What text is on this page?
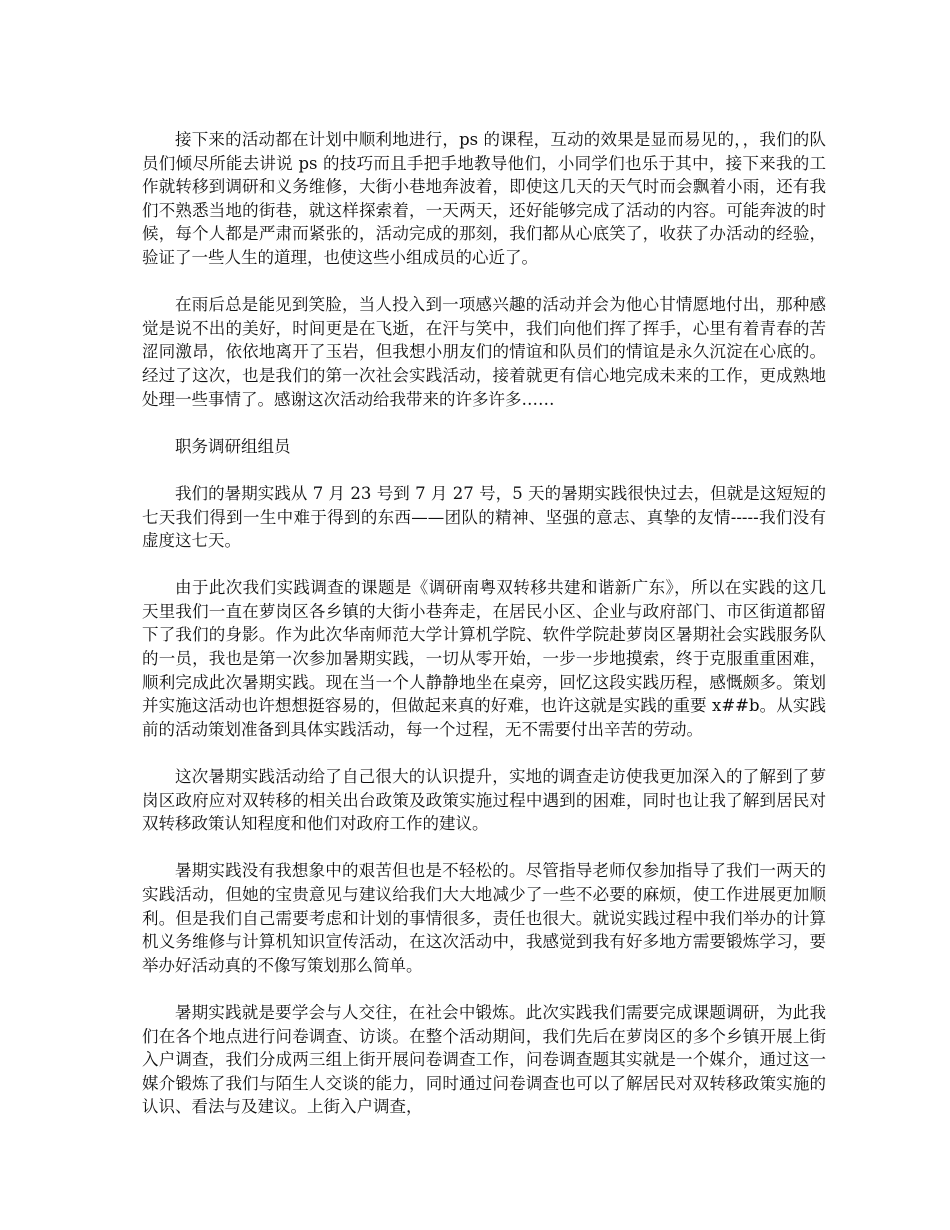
接下来的活动都在计划中顺利地进行，ps 的课程，互动的效果是显而易见的，，我们的队员们倾尽所能去讲说 ps 的技巧而且手把手地教导他们，小同学们也乐于其中，接下来我的工作就转移到调研和义务维修，大街小巷地奔波着，即使这几天的天气时而会飘着小雨，还有我们不熟悉当地的街巷，就这样探索着，一天两天，还好能够完成了活动的内容。可能奔波的时候，每个人都是严肃而紧张的，活动完成的那刻，我们都从心底笑了，收获了办活动的经验，验证了一些人生的道理，也使这些小组成员的心近了。

在雨后总是能见到笑脸，当人投入到一项感兴趣的活动并会为他心甘情愿地付出，那种感觉是说不出的美好，时间更是在飞逝，在汗与笑中，我们向他们挥了挥手，心里有着青春的苦涩同激昂，依依地离开了玉岩，但我想小朋友们的情谊和队员们的情谊是永久沉淀在心底的。经过了这次，也是我们的第一次社会实践活动，接着就更有信心地完成未来的工作，更成熟地处理一些事情了。感谢这次活动给我带来的许多许多……

职务调研组组员

我们的暑期实践从 7 月 23 号到 7 月 27 号，5 天的暑期实践很快过去，但就是这短短的七天我们得到一生中难于得到的东西——团队的精神、坚强的意志、真挚的友情-----我们没有虚度这七天。

由于此次我们实践调查的课题是《调研南粤双转移共建和谐新广东》，所以在实践的这几天里我们一直在萝岗区各乡镇的大街小巷奔走，在居民小区、企业与政府部门、市区街道都留下了我们的身影。作为此次华南师范大学计算机学院、软件学院赴萝岗区暑期社会实践服务队的一员，我也是第一次参加暑期实践，一切从零开始，一步一步地摸索，终于克服重重困难，顺利完成此次暑期实践。现在当一个人静静地坐在桌旁，回忆这段实践历程，感慨颇多。策划并实施这活动也许想想挺容易的，但做起来真的好难，也许这就是实践的重要 x##b。从实践前的活动策划准备到具体实践活动，每一个过程，无不需要付出辛苦的劳动。

这次暑期实践活动给了自己很大的认识提升，实地的调查走访使我更加深入的了解到了萝岗区政府应对双转移的相关出台政策及政策实施过程中遇到的困难，同时也让我了解到居民对双转移政策认知程度和他们对政府工作的建议。

暑期实践没有我想象中的艰苦但也是不轻松的。尽管指导老师仅参加指导了我们一两天的实践活动，但她的宝贵意见与建议给我们大大地减少了一些不必要的麻烦，使工作进展更加顺利。但是我们自己需要考虑和计划的事情很多，责任也很大。就说实践过程中我们举办的计算机义务维修与计算机知识宣传活动，在这次活动中，我感觉到我有好多地方需要锻炼学习，要举办好活动真的不像写策划那么简单。

暑期实践就是要学会与人交往，在社会中锻炼。此次实践我们需要完成课题调研，为此我们在各个地点进行问卷调查、访谈。在整个活动期间，我们先后在萝岗区的多个乡镇开展上街入户调查，我们分成两三组上街开展问卷调查工作，问卷调查题其实就是一个媒介，通过这一媒介锻炼了我们与陌生人交谈的能力，同时通过问卷调查也可以了解居民对双转移政策实施的认识、看法与及建议。上街入户调查，
